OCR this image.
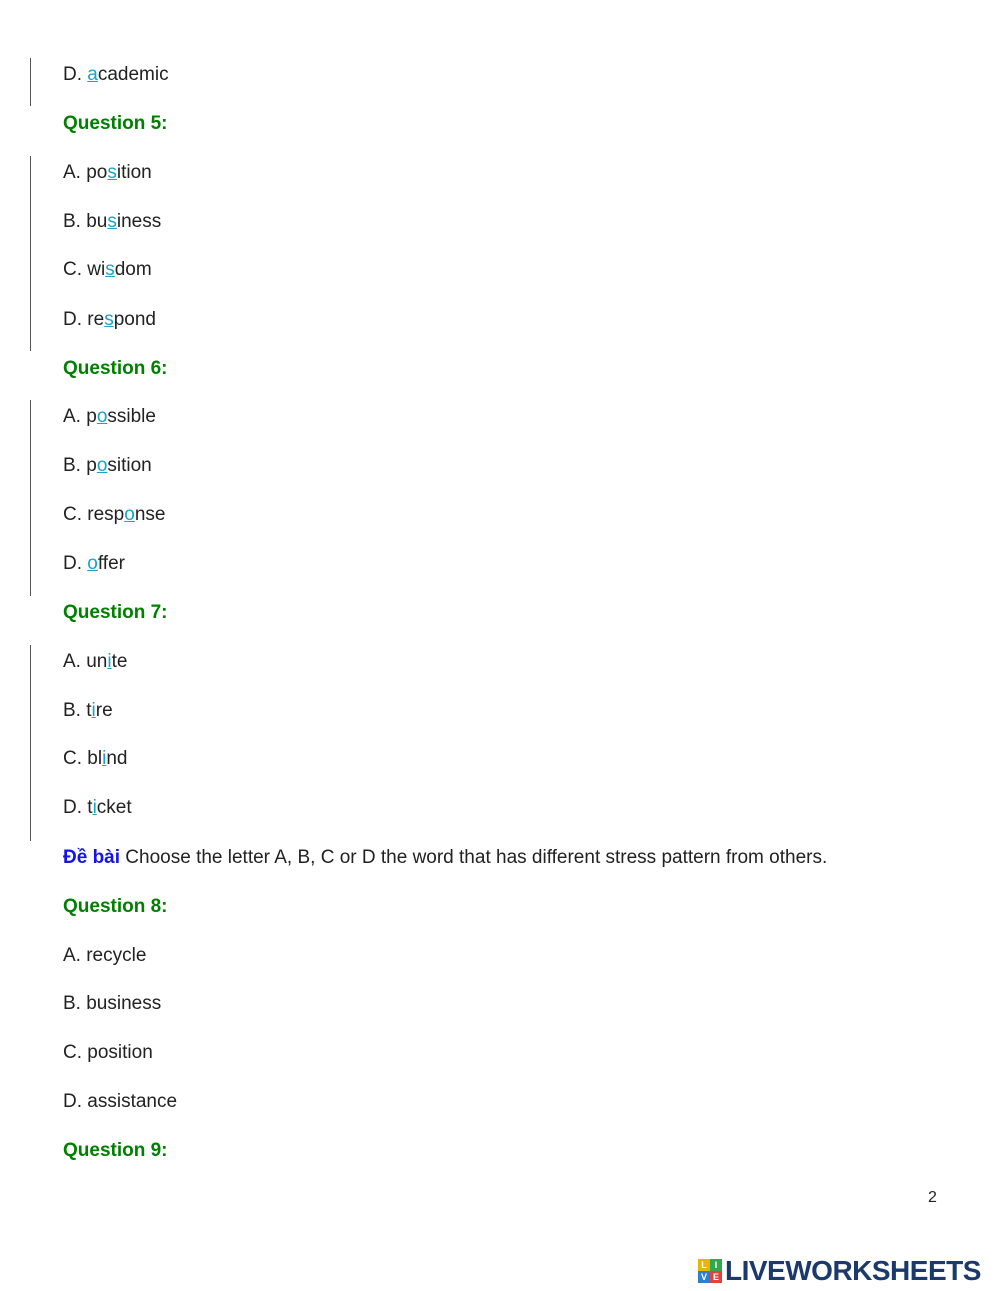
D. academic
Question 5:
A. position
B. business
C. wisdom
D. respond
Question 6:
A. possible
B. position
C. response
D. offer
Question 7:
A. unite
B. tire
C. blind
D. ticket
Đề bài Choose the letter A, B, C or D the word that has different stress pattern from others.
Question 8:
A. recycle
B. business
C. position
D. assistance
Question 9:
2
L I
V E LIVEWORKSHEETS
